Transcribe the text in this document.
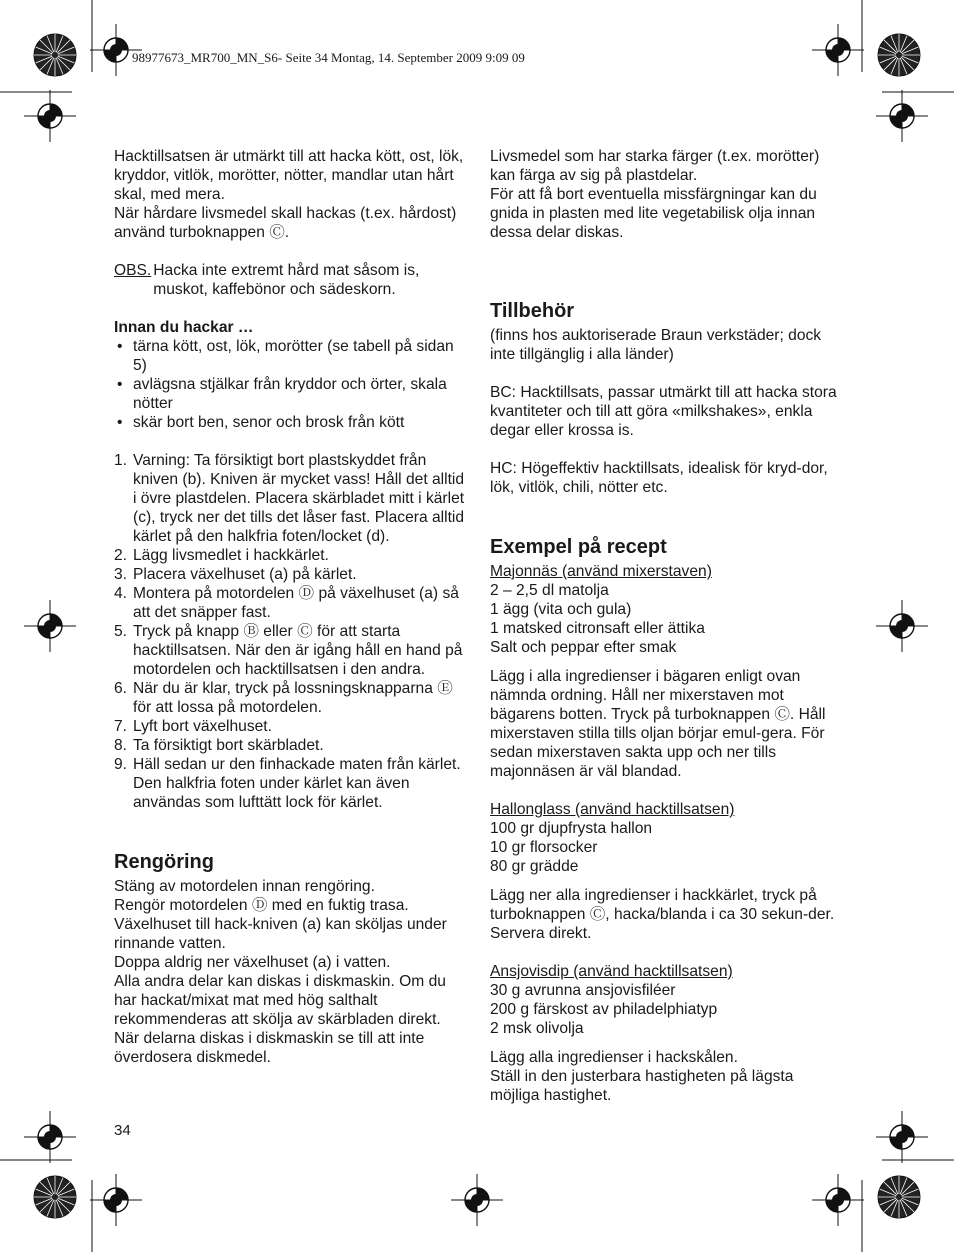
98977673_MR700_MN_S6- Seite 34 Montag, 14. September 2009 9:09 09

Hacktillsatsen är utmärkt till att hacka kött, ost, lök, kryddor, vitlök, morötter, nötter, mandlar utan hårt skal, med mera.

När hårdare livsmedel skall hackas (t.ex. hårdost) använd turboknappen Ⓒ.

OBS. Hacka inte extremt hård mat såsom is, muskot, kaffebönor och sädeskorn.

Innan du hackar …

• tärna kött, ost, lök, morötter (se tabell på sidan 5)
• avlägsna stjälkar från kryddor och örter, skala nötter
• skär bort ben, senor och brosk från kött
1. Varning: Ta försiktigt bort plastskyddet från kniven (b). Kniven är mycket vass! Håll det alltid i övre plastdelen. Placera skärbladet mitt i kärlet (c), tryck ner det tills det låser fast. Placera alltid kärlet på den halkfria foten/locket (d).
2. Lägg livsmedlet i hackkärlet.
3. Placera växelhuset (a) på kärlet.
4. Montera på motordelen Ⓓ på växelhuset (a) så att det snäpper fast.
5. Tryck på knapp Ⓑ eller Ⓒ för att starta hacktillsatsen. När den är igång håll en hand på motordelen och hacktillsatsen i den andra.
6. När du är klar, tryck på lossningsknapparna Ⓔ för att lossa på motordelen.
7. Lyft bort växelhuset.
8. Ta försiktigt bort skärbladet.
9. Häll sedan ur den finhackade maten från kärlet. Den halkfria foten under kärlet kan även användas som lufttätt lock för kärlet.
Rengöring

Stäng av motordelen innan rengöring.

Rengör motordelen Ⓓ med en fuktig trasa.

Växelhuset till hack-kniven (a) kan sköljas under rinnande vatten.

Doppa aldrig ner växelhuset (a) i vatten.

Alla andra delar kan diskas i diskmaskin. Om du har hackat/mixat mat med hög salthalt rekommenderas att skölja av skärbladen direkt. När delarna diskas i diskmaskin se till att inte överdosera diskmedel.

Livsmedel som har starka färger (t.ex. morötter) kan färga av sig på plastdelar.

För att få bort eventuella missfärgningar kan du gnida in plasten med lite vegetabilisk olja innan dessa delar diskas.

Tillbehör

(finns hos auktoriserade Braun verkstäder; dock inte tillgänglig i alla länder)

BC: Hacktillsats, passar utmärkt till att hacka stora kvantiteter och till att göra «milkshakes», enkla degar eller krossa is.

HC: Högeffektiv hacktillsats, idealisk för kryd-dor, lök, vitlök, chili, nötter etc.

Exempel på recept

Majonnäs (använd mixerstaven)

2 – 2,5 dl matolja

1 ägg (vita och gula)

1 matsked citronsaft eller ättika

Salt och peppar efter smak

Lägg i alla ingredienser i bägaren enligt ovan nämnda ordning. Håll ner mixerstaven mot bägarens botten. Tryck på turboknappen Ⓒ. Håll mixerstaven stilla tills oljan börjar emul-gera. För sedan mixerstaven sakta upp och ner tills majonnäsen är väl blandad.

Hallonglass (använd hacktillsatsen)

100 gr djupfrysta hallon

10 gr florsocker

80 gr grädde

Lägg ner alla ingredienser i hackkärlet, tryck på turboknappen Ⓒ, hacka/blanda i ca 30 sekun-der. Servera direkt.

Ansjovisdip (använd hacktillsatsen)

30 g avrunna ansjovisfiléer

200 g färskost av philadelphiatyp

2 msk olivolja

Lägg alla ingredienser i hackskålen.

Ställ in den justerbara hastigheten på lägsta möjliga hastighet.

34
